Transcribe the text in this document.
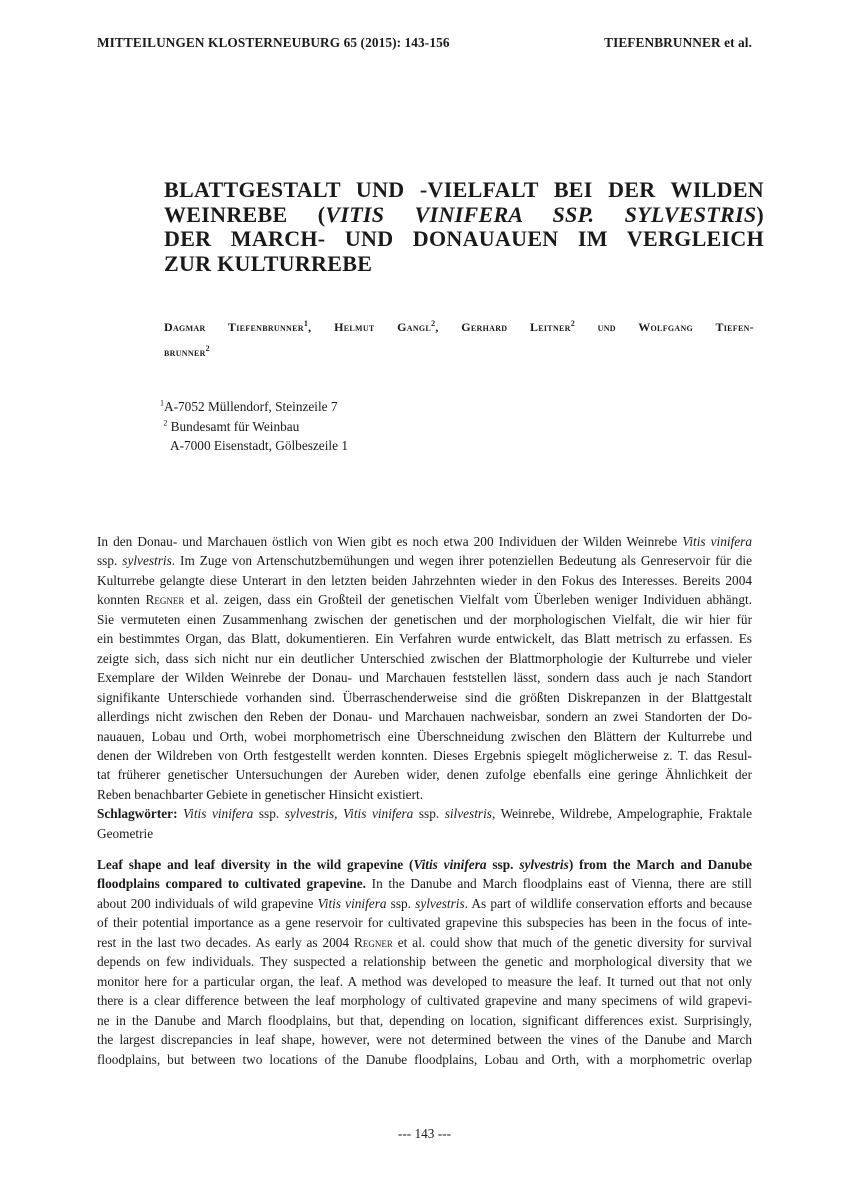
MITTEILUNGEN KLOSTERNEUBURG 65 (2015): 143-156	TIEFENBRUNNER et al.
BLATTGESTALT UND -VIELFALT BEI DER WILDEN
WEINREBE (VITIS VINIFERA SSP. SYLVESTRIS)
DER MARCH- UND DONAUAUEN IM VERGLEICH
ZUR KULTURREBE
Dagmar Tiefenbrunner$^1$, Helmut Gangl$^2$, Gerhard Leitner$^2$ und Wolfgang Tiefen-
brunner$^2$
$^1$A-7052 Müllendorf, Steinzeile 7
$^2$ Bundesamt für Weinbau
A-7000 Eisenstadt, Gölbeszeile 1
In den Donau- und Marchauen östlich von Wien gibt es noch etwa 200 Individuen der Wilden Weinrebe Vitis vinifera
ssp. sylvestris. Im Zuge von Artenschutzbemühungen und wegen ihrer potenziellen Bedeutung als Genreservoir für die
Kulturrebe gelangte diese Unterart in den letzten beiden Jahrzehnten wieder in den Fokus des Interesses. Bereits 2004
konnten Regner et al. zeigen, dass ein Großteil der genetischen Vielfalt vom Überleben weniger Individuen abhängt.
Sie vermuteten einen Zusammenhang zwischen der genetischen und der morphologischen Vielfalt, die wir hier für
ein bestimmtes Organ, das Blatt, dokumentieren. Ein Verfahren wurde entwickelt, das Blatt metrisch zu erfassen. Es
zeigte sich, dass sich nicht nur ein deutlicher Unterschied zwischen der Blattmorphologie der Kulturrebe und vieler
Exemplare der Wilden Weinrebe der Donau- und Marchauen feststellen lässt, sondern dass auch je nach Standort
signifikante Unterschiede vorhanden sind. Überraschenderweise sind die größten Diskrepanzen in der Blattgestalt
allerdings nicht zwischen den Reben der Donau- und Marchauen nachweisbar, sondern an zwei Standorten der Do-
nauauen, Lobau und Orth, wobei morphometrisch eine Überschneidung zwischen den Blättern der Kulturrebe und
denen der Wildreben von Orth festgestellt werden konnten. Dieses Ergebnis spiegelt möglicherweise z. T. das Resul-
tat früherer genetischer Untersuchungen der Aureben wider, denen zufolge ebenfalls eine geringe Ähnlichkeit der
Reben benachbarter Gebiete in genetischer Hinsicht existiert.
Schlagwörter: Vitis vinifera ssp. sylvestris, Vitis vinifera ssp. silvestris, Weinrebe, Wildrebe, Ampelographie, Fraktale
Geometrie
Leaf shape and leaf diversity in the wild grapevine (Vitis vinifera ssp. sylvestris) from the March and Danube
floodplains compared to cultivated grapevine. In the Danube and March floodplains east of Vienna, there are still
about 200 individuals of wild grapevine Vitis vinifera ssp. sylvestris. As part of wildlife conservation efforts and because
of their potential importance as a gene reservoir for cultivated grapevine this subspecies has been in the focus of inte-
rest in the last two decades. As early as 2004 Regner et al. could show that much of the genetic diversity for survival
depends on few individuals. They suspected a relationship between the genetic and morphological diversity that we
monitor here for a particular organ, the leaf. A method was developed to measure the leaf. It turned out that not only
there is a clear difference between the leaf morphology of cultivated grapevine and many specimens of wild grapevi-
ne in the Danube and March floodplains, but that, depending on location, significant differences exist. Surprisingly,
the largest discrepancies in leaf shape, however, were not determined between the vines of the Danube and March
floodplains, but between two locations of the Danube floodplains, Lobau and Orth, with a morphometric overlap
--- 143 ---
